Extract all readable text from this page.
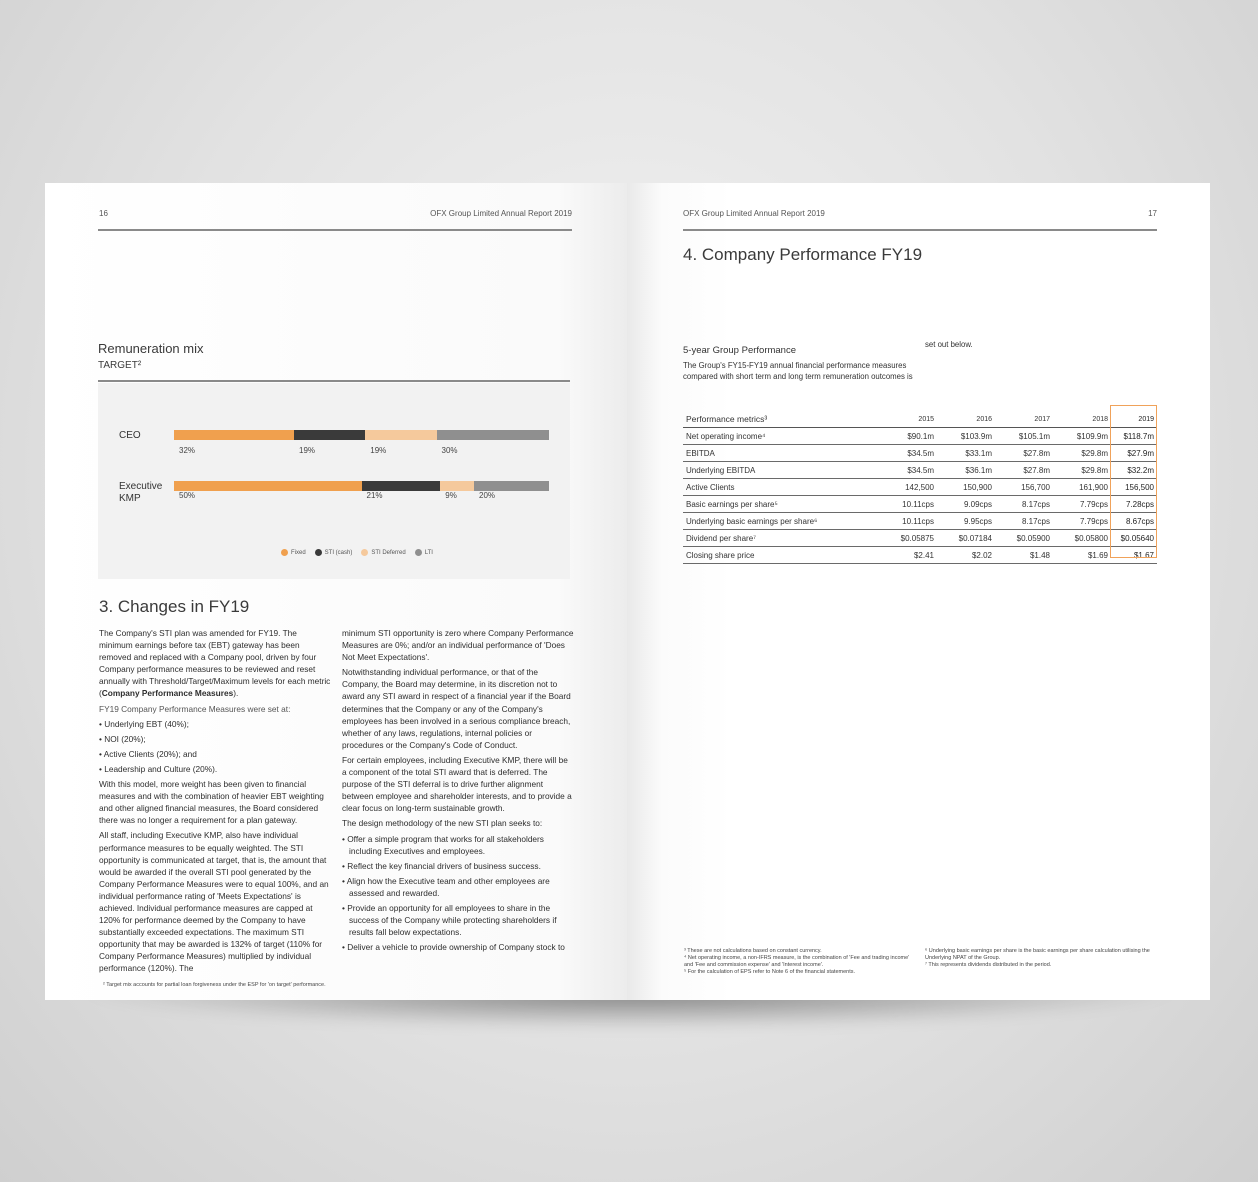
16	OFX Group Limited Annual Report 2019
Remuneration mix
TARGET²
CEO
Executive KMP
32%	19%	19%	30%
50%	21%	9%	20%
Fixed	STI (cash)	STI Deferred	LTI
3. Changes in FY19

The Company's STI plan was amended for FY19. The minimum earnings before tax (EBT) gateway has been removed and replaced with a Company pool, driven by four Company performance measures to be reviewed and reset annually with Threshold/Target/Maximum levels for each metric (Company Performance Measures).

FY19 Company Performance Measures were set at:

• Underlying EBT (40%);
• NOI (20%);
• Active Clients (20%); and
• Leadership and Culture (20%).

With this model, more weight has been given to financial measures and with the combination of heavier EBT weighting and other aligned financial measures, the Board considered there was no longer a requirement for a plan gateway.

All staff, including Executive KMP, also have individual performance measures to be equally weighted. The STI opportunity is communicated at target, that is, the amount that would be awarded if the overall STI pool generated by the Company Performance Measures were to equal 100%, and an individual performance rating of 'Meets Expectations' is achieved. Individual performance measures are capped at 120% for performance deemed by the Company to have substantially exceeded expectations. The maximum STI opportunity that may be awarded is 132% of target (110% for Company Performance Measures) multiplied by individual performance (120%). The

minimum STI opportunity is zero where Company Performance Measures are 0%; and/or an individual performance of 'Does Not Meet Expectations'.

Notwithstanding individual performance, or that of the Company, the Board may determine, in its discretion not to award any STI award in respect of a financial year if the Board determines that the Company or any of the Company's employees has been involved in a serious compliance breach, whether of any laws, regulations, internal policies or procedures or the Company's Code of Conduct.

For certain employees, including Executive KMP, there will be a component of the total STI award that is deferred. The purpose of the STI deferral is to drive further alignment between employee and shareholder interests, and to provide a clear focus on long-term sustainable growth.

The design methodology of the new STI plan seeks to:

• Offer a simple program that works for all stakeholders including Executives and employees.
• Reflect the key financial drivers of business success.
• Align how the Executive team and other employees are assessed and rewarded.
• Provide an opportunity for all employees to share in the success of the Company while protecting shareholders if results fall below expectations.
• Deliver a vehicle to provide ownership of Company stock to
² Target mix accounts for partial loan forgiveness under the ESP for 'on target' performance.
OFX Group Limited Annual Report 2019	17
4. Company Performance FY19
5-year Group Performance
The Group's FY15-FY19 annual financial performance measures compared with short term and long term remuneration outcomes is
set out below.
Performance metrics³	2015	2016	2017	2018	2019
Net operating income⁴	$90.1m	$103.9m	$105.1m	$109.9m	$118.7m
EBITDA	$34.5m	$33.1m	$27.8m	$29.8m	$27.9m
Underlying EBITDA	$34.5m	$36.1m	$27.8m	$29.8m	$32.2m
Active Clients	142,500	150,900	156,700	161,900	156,500
Basic earnings per share⁵	10.11cps	9.09cps	8.17cps	7.79cps	7.28cps
Underlying basic earnings per share⁶	10.11cps	9.95cps	8.17cps	7.79cps	8.67cps
Dividend per share⁷	$0.05875	$0.07184	$0.05900	$0.05800	$0.05640
Closing share price	$2.41	$2.02	$1.48	$1.69	$1.67
³ These are not calculations based on constant currency.
⁴ Net operating income, a non-IFRS measure, is the combination of 'Fee and trading income' and 'Fee and commission expense' and 'Interest income'.
⁵ For the calculation of EPS refer to Note 6 of the financial statements.
⁶ Underlying basic earnings per share is the basic earnings per share calculation utilising the Underlying NPAT of the Group.
⁷ This represents dividends distributed in the period.
